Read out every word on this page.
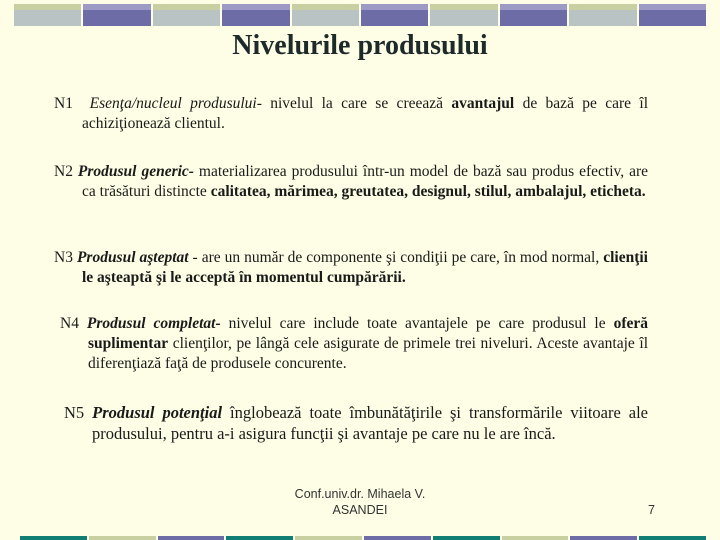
Nivelurile produsului
N1 Esenţa/nucleul produsului- nivelul la care se creează avantajul de bază pe care îl achiziţionează clientul.
N2 Produsul generic- materializarea produsului într-un model de bază sau produs efectiv, are ca trăsături distincte calitatea, mărimea, greutatea, designul, stilul, ambalajul, eticheta.
N3 Produsul aşteptat - are un număr de componente şi condiţii pe care, în mod normal, clienţii le aşteaptă şi le acceptă în momentul cumpărării.
N4 Produsul completat- nivelul care include toate avantajele pe care produsul le oferă suplimentar clienţilor, pe lângă cele asigurate de primele trei niveluri. Aceste avantaje îl diferenţiază faţă de produsele concurente.
N5 Produsul potenţial înglobează toate îmbunătăţirile şi transformările viitoare ale produsului, pentru a-i asigura funcţii şi avantaje pe care nu le are încă.
Conf.univ.dr. Mihaela V.
ASANDEI	7
